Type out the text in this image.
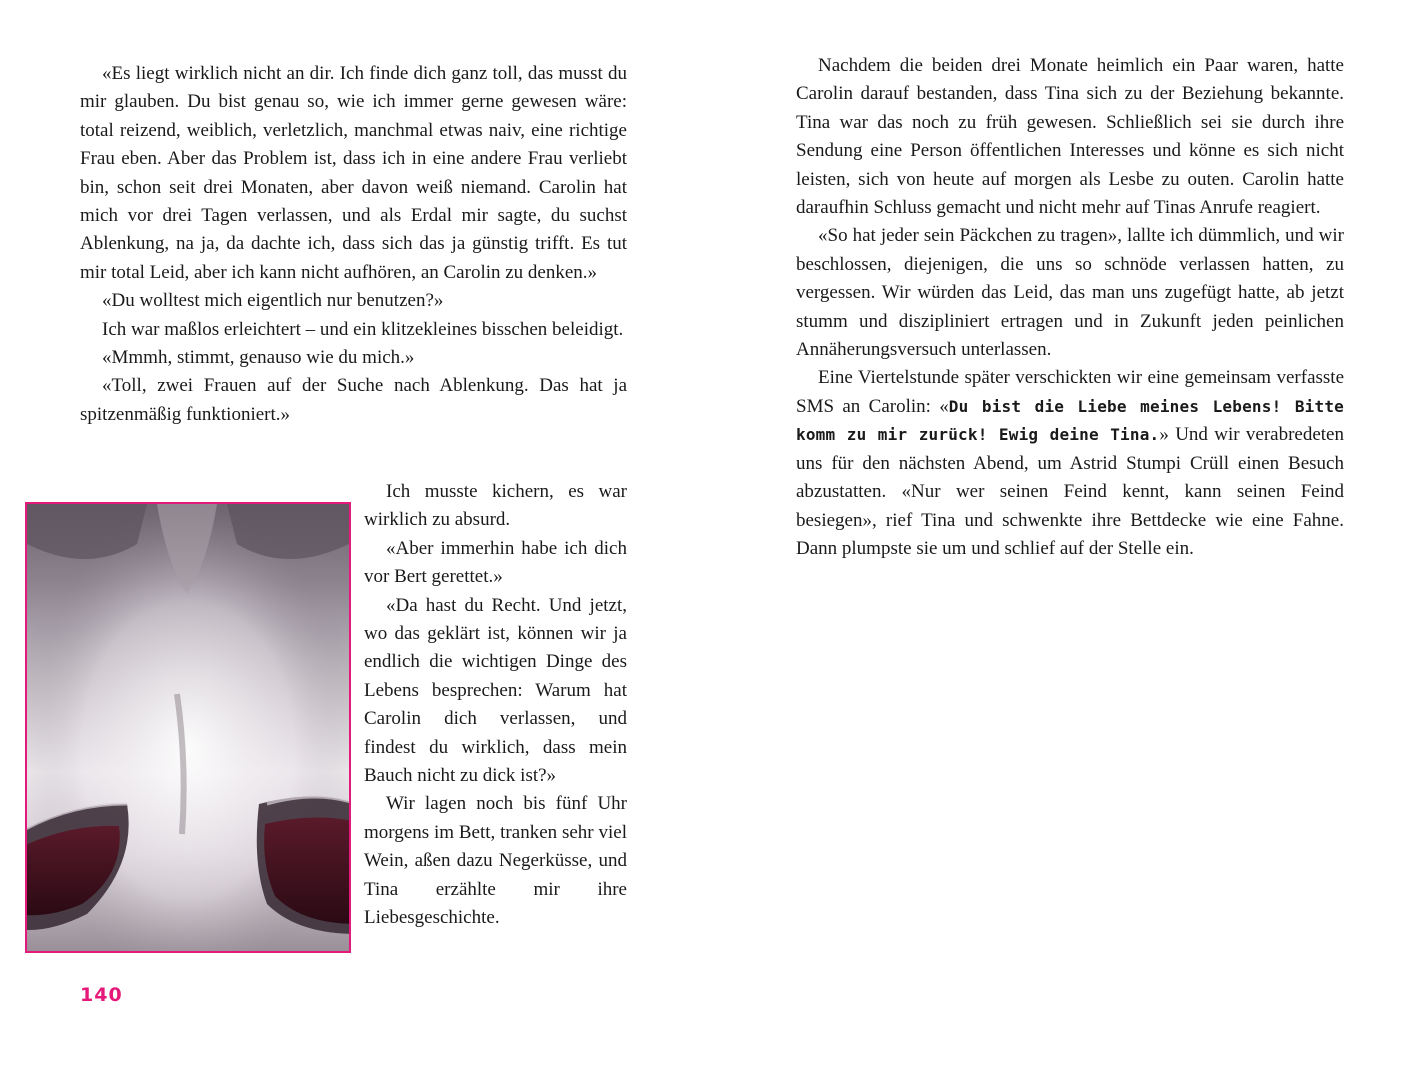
«Es liegt wirklich nicht an dir. Ich finde dich ganz toll, das musst du mir glauben. Du bist genau so, wie ich immer gerne gewesen wäre: total reizend, weiblich, verletzlich, manchmal etwas naiv, eine richtige Frau eben. Aber das Problem ist, dass ich in eine andere Frau verliebt bin, schon seit drei Monaten, aber davon weiß niemand. Carolin hat mich vor drei Tagen verlassen, und als Erdal mir sagte, du suchst Ablenkung, na ja, da dachte ich, dass sich das ja günstig trifft. Es tut mir total Leid, aber ich kann nicht aufhören, an Carolin zu denken.»

«Du wolltest mich eigentlich nur benutzen?»

Ich war maßlos erleichtert – und ein klitzekleines bisschen beleidigt.

«Mmmh, stimmt, genauso wie du mich.»

«Toll, zwei Frauen auf der Suche nach Ablenkung. Das hat ja spitzenmäßig funktioniert.»

Ich musste kichern, es war wirklich zu absurd.

«Aber immerhin habe ich dich vor Bert gerettet.»

«Da hast du Recht. Und jetzt, wo das geklärt ist, können wir ja endlich die wichtigen Dinge des Lebens besprechen: Warum hat Carolin dich verlassen, und findest du wirklich, dass mein Bauch nicht zu dick ist?»

Wir lagen noch bis fünf Uhr morgens im Bett, tranken sehr viel Wein, aßen dazu Negerküsse, und Tina erzählte mir ihre Liebesgeschichte.

140

Nachdem die beiden drei Monate heimlich ein Paar waren, hatte Carolin darauf bestanden, dass Tina sich zu der Beziehung bekannte. Tina war das noch zu früh gewesen. Schließlich sei sie durch ihre Sendung eine Person öffentlichen Interesses und könne es sich nicht leisten, sich von heute auf morgen als Lesbe zu outen. Carolin hatte daraufhin Schluss gemacht und nicht mehr auf Tinas Anrufe reagiert.

«So hat jeder sein Päckchen zu tragen», lallte ich dümmlich, und wir beschlossen, diejenigen, die uns so schnöde verlassen hatten, zu vergessen. Wir würden das Leid, das man uns zugefügt hatte, ab jetzt stumm und diszipliniert ertragen und in Zukunft jeden peinlichen Annäherungsversuch unterlassen.

Eine Viertelstunde später verschickten wir eine gemeinsam verfasste SMS an Carolin: «Du bist die Liebe meines Lebens! Bitte komm zu mir zurück! Ewig deine Tina.» Und wir verabredeten uns für den nächsten Abend, um Astrid Stumpi Crüll einen Besuch abzustatten. «Nur wer seinen Feind kennt, kann seinen Feind besiegen», rief Tina und schwenkte ihre Bettdecke wie eine Fahne. Dann plumpste sie um und schlief auf der Stelle ein.
